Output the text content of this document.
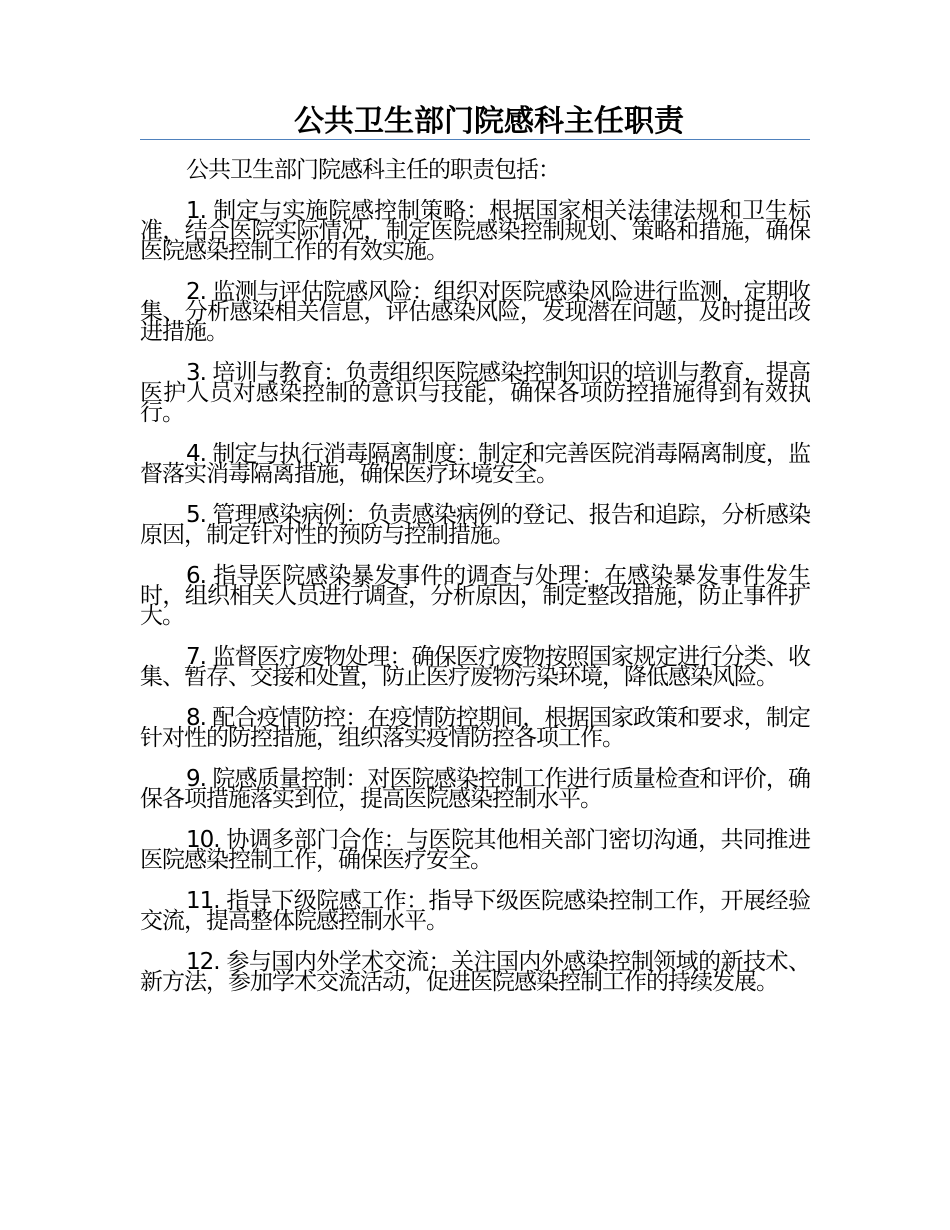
公共卫生部门院感科主任职责

公共卫生部门院感科主任的职责包括：

1. 制定与实施院感控制策略：根据国家相关法律法规和卫生标准，结合医院实际情况，制定医院感染控制规划、策略和措施，确保医院感染控制工作的有效实施。

2. 监测与评估院感风险：组织对医院感染风险进行监测，定期收集、分析感染相关信息，评估感染风险，发现潜在问题，及时提出改进措施。

3. 培训与教育：负责组织医院感染控制知识的培训与教育，提高医护人员对感染控制的意识与技能，确保各项防控措施得到有效执行。

4. 制定与执行消毒隔离制度：制定和完善医院消毒隔离制度，监督落实消毒隔离措施，确保医疗环境安全。

5. 管理感染病例：负责感染病例的登记、报告和追踪，分析感染原因，制定针对性的预防与控制措施。

6. 指导医院感染暴发事件的调查与处理：在感染暴发事件发生时，组织相关人员进行调查，分析原因，制定整改措施，防止事件扩大。

7. 监督医疗废物处理：确保医疗废物按照国家规定进行分类、收集、暂存、交接和处置，防止医疗废物污染环境，降低感染风险。

8. 配合疫情防控：在疫情防控期间，根据国家政策和要求，制定针对性的防控措施，组织落实疫情防控各项工作。

9. 院感质量控制：对医院感染控制工作进行质量检查和评价，确保各项措施落实到位，提高医院感染控制水平。

10. 协调多部门合作：与医院其他相关部门密切沟通，共同推进医院感染控制工作，确保医疗安全。

11. 指导下级院感工作：指导下级医院感染控制工作，开展经验交流，提高整体院感控制水平。

12. 参与国内外学术交流：关注国内外感染控制领域的新技术、新方法，参加学术交流活动，促进医院感染控制工作的持续发展。
